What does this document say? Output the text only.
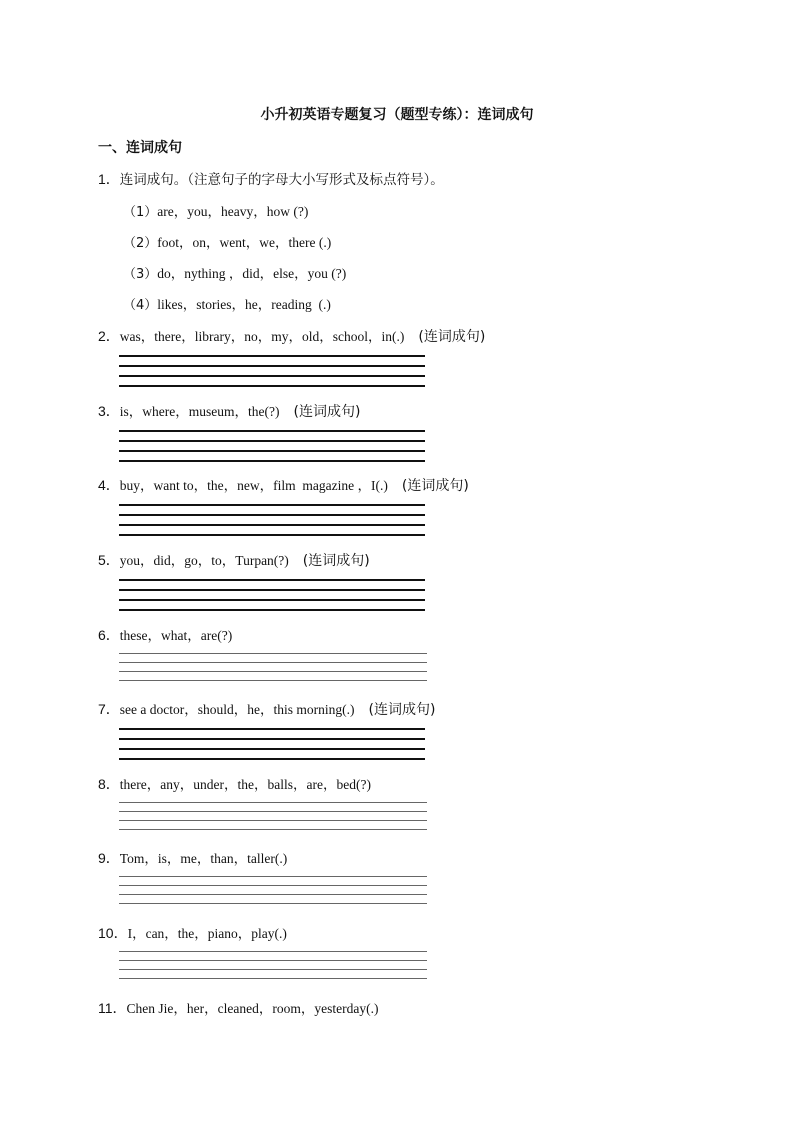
小升初英语专题复习（题型专练）：连词成句
一、连词成句
1．连词成句。（注意句子的字母大小写形式及标点符号）。
（1）are，you，heavy，how (?)
（2）foot，on，went，we，there (.)
（3）do，nything ，did，else，you (?)
（4）likes，stories，he，reading  (.)
2．was，there，library，no，my，old，school，in(.) (连词成句)
3．is，where，museum，the(?) (连词成句)
4．buy，want to，the，new，film  magazine ，I(.) (连词成句)
5．you，did，go，to，Turpan(?) (连词成句)
6．these，what，are(?)
7．see a doctor，should，he，this morning(.) (连词成句)
8．there，any，under，the，balls，are，bed(?)
9．Tom，is，me，than，taller(.)
10．I，can，the，piano，play(.)
11．Chen Jie，her，cleaned，room，yesterday(.)
